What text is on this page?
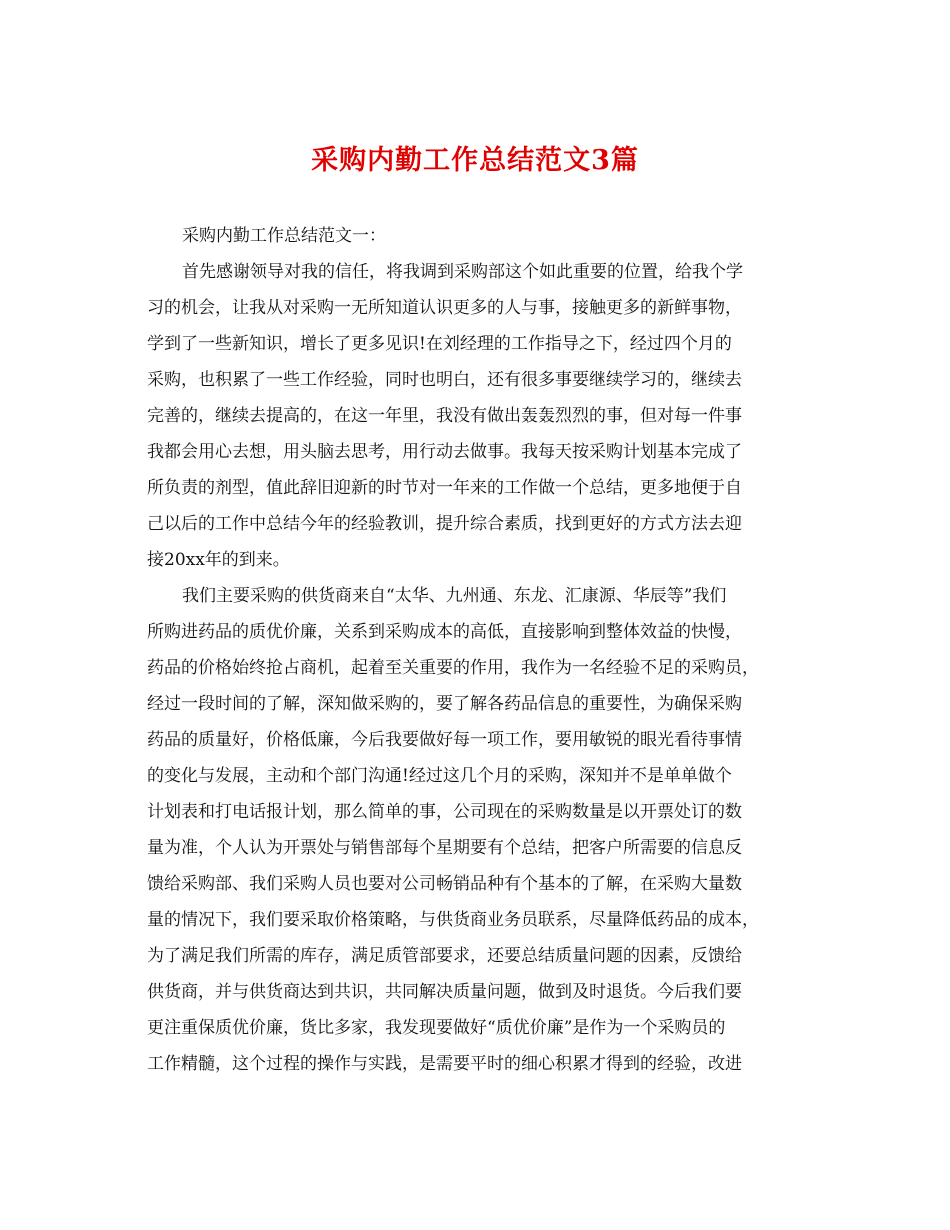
采购内勤工作总结范文3篇
采购内勤工作总结范文一：
首先感谢领导对我的信任，将我调到采购部这个如此重要的位置，给我个学
习的机会，让我从对采购一无所知道认识更多的人与事，接触更多的新鲜事物，
学到了一些新知识，增长了更多见识!在刘经理的工作指导之下，经过四个月的
采购，也积累了一些工作经验，同时也明白，还有很多事要继续学习的，继续去
完善的，继续去提高的，在这一年里，我没有做出轰轰烈烈的事，但对每一件事
我都会用心去想，用头脑去思考，用行动去做事。我每天按采购计划基本完成了
所负责的剂型，值此辞旧迎新的时节对一年来的工作做一个总结，更多地便于自
己以后的工作中总结今年的经验教训，提升综合素质，找到更好的方式方法去迎
接20xx年的到来。
我们主要采购的供货商来自“太华、九州通、东龙、汇康源、华辰等”我们
所购进药品的质优价廉，关系到采购成本的高低，直接影响到整体效益的快慢，
药品的价格始终抢占商机，起着至关重要的作用，我作为一名经验不足的采购员，
经过一段时间的了解，深知做采购的，要了解各药品信息的重要性，为确保采购
药品的质量好，价格低廉，今后我要做好每一项工作，要用敏锐的眼光看待事情
的变化与发展，主动和个部门沟通!经过这几个月的采购，深知并不是单单做个
计划表和打电话报计划，那么简单的事，公司现在的采购数量是以开票处订的数
量为准，个人认为开票处与销售部每个星期要有个总结，把客户所需要的信息反
馈给采购部、我们采购人员也要对公司畅销品种有个基本的了解，在采购大量数
量的情况下，我们要采取价格策略，与供货商业务员联系，尽量降低药品的成本，
为了满足我们所需的库存，满足质管部要求，还要总结质量问题的因素，反馈给
供货商，并与供货商达到共识，共同解决质量问题，做到及时退货。今后我们要
更注重保质优价廉，货比多家，我发现要做好“质优价廉”是作为一个采购员的
工作精髓，这个过程的操作与实践，是需要平时的细心积累才得到的经验，改进
